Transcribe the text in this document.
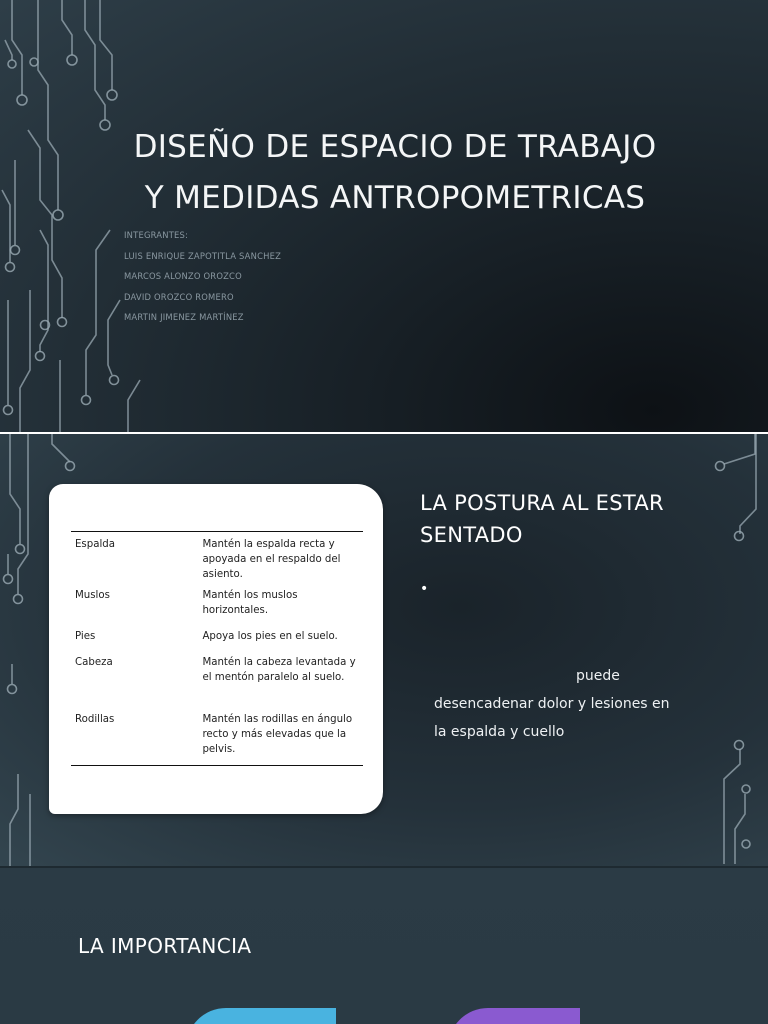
DISEÑO DE ESPACIO DE TRABAJO
Y MEDIDAS ANTROPOMETRICAS
INTEGRANTES:
LUIS ENRIQUE ZAPOTITLA SANCHEZ
MARCOS ALONZO OROZCO
DAVID OROZCO ROMERO
MARTIN JIMENEZ MARTÍNEZ
Espalda	Mantén la espalda recta y apoyada en el respaldo del asiento.
Muslos	Mantén los muslos horizontales.
Pies	Apoya los pies en el suelo.
Cabeza	Mantén la cabeza levantada y el mentón paralelo al suelo.
Rodillas	Mantén las rodillas en ángulo recto y más elevadas que la pelvis.
LA POSTURA AL ESTAR
SENTADO
•
puede
desencadenar dolor y lesiones en
la espalda y cuello
LA IMPORTANCIA
